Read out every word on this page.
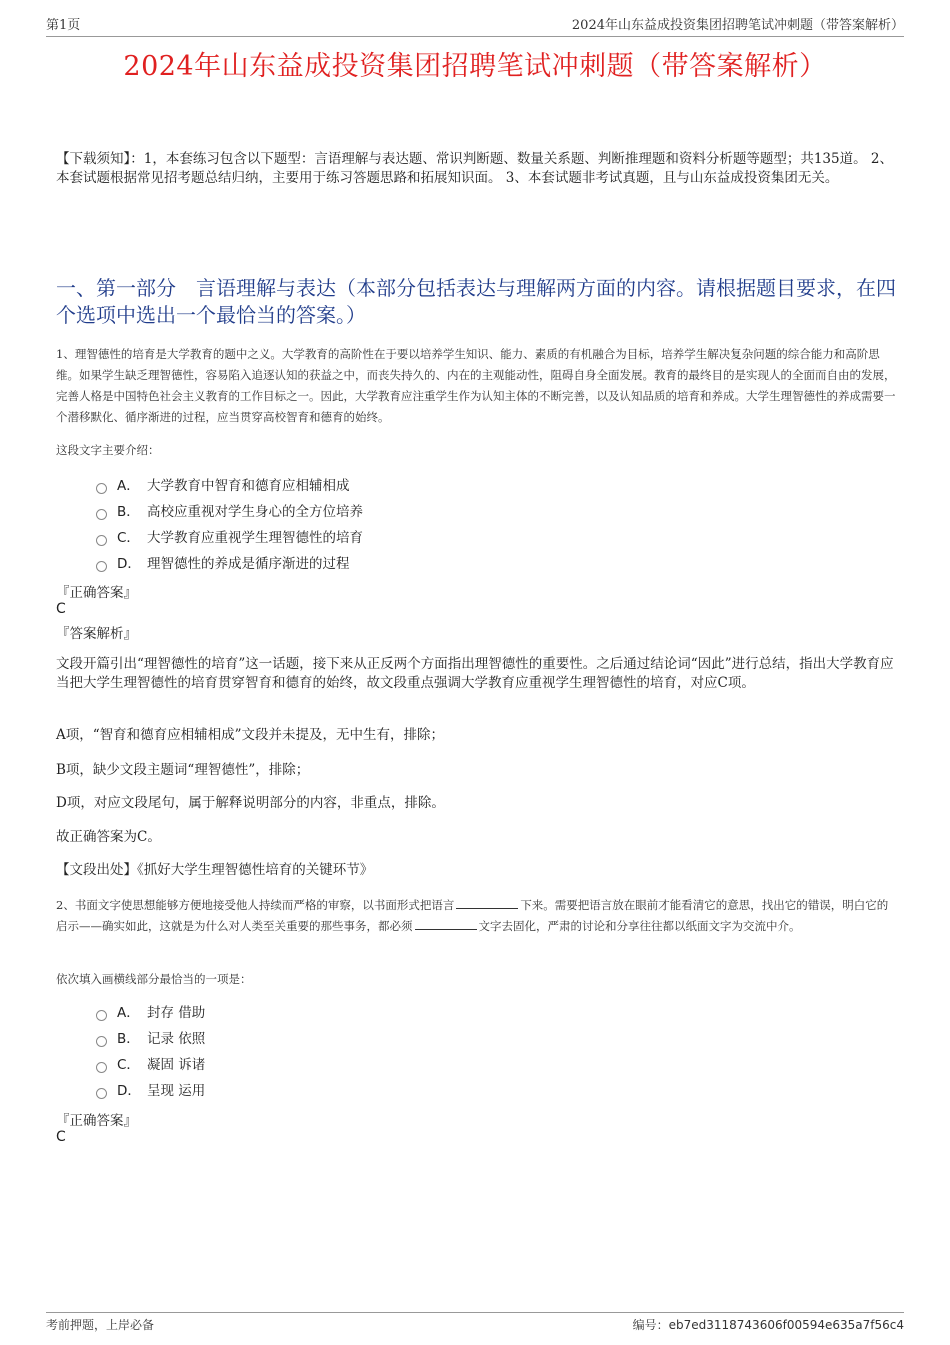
第1页	2024年山东益成投资集团招聘笔试冲刺题（带答案解析）
2024年山东益成投资集团招聘笔试冲刺题（带答案解析）
【下载须知】：1，本套练习包含以下题型：言语理解与表达题、常识判断题、数量关系题、判断推理题和资料分析题等题型；共135道。 2、本套试题根据常见招考题总结归纳，主要用于练习答题思路和拓展知识面。 3、本套试题非考试真题，且与山东益成投资集团无关。
一、第一部分　言语理解与表达（本部分包括表达与理解两方面的内容。请根据题目要求，在四个选项中选出一个最恰当的答案。）
1、理智德性的培育是大学教育的题中之义。大学教育的高阶性在于要以培养学生知识、能力、素质的有机融合为目标，培养学生解决复杂问题的综合能力和高阶思维。如果学生缺乏理智德性，容易陷入追逐认知的获益之中，而丧失持久的、内在的主观能动性，阻碍自身全面发展。教育的最终目的是实现人的全面而自由的发展，完善人格是中国特色社会主义教育的工作目标之一。因此，大学教育应注重学生作为认知主体的不断完善，以及认知品质的培育和养成。大学生理智德性的养成需要一个潜移默化、循序渐进的过程，应当贯穿高校智育和德育的始终。
这段文字主要介绍：
A． 大学教育中智育和德育应相辅相成
B． 高校应重视对学生身心的全方位培养
C． 大学教育应重视学生理智德性的培育
D． 理智德性的养成是循序渐进的过程
『正确答案』
C
『答案解析』
文段开篇引出“理智德性的培育”这一话题，接下来从正反两个方面指出理智德性的重要性。之后通过结论词“因此”进行总结，指出大学教育应当把大学生理智德性的培育贯穿智育和德育的始终，故文段重点强调大学教育应重视学生理智德性的培育，对应C项。
A项，“智育和德育应相辅相成”文段并未提及，无中生有，排除；
B项，缺少文段主题词“理智德性”，排除；
D项，对应文段尾句，属于解释说明部分的内容，非重点，排除。
故正确答案为C。
【文段出处】《抓好大学生理智德性培育的关键环节》
2、书面文字使思想能够方便地接受他人持续而严格的审察，以书面形式把语言	下来。需要把语言放在眼前才能看清它的意思，找出它的错误，明白它的启示——确实如此，这就是为什么对人类至关重要的那些事务，都必须	文字去固化，严肃的讨论和分享往往都以纸面文字为交流中介。
依次填入画横线部分最恰当的一项是：
A． 封存 借助
B． 记录 依照
C． 凝固 诉诸
D． 呈现 运用
『正确答案』
C
考前押题，上岸必备	编号：eb7ed3118743606f00594e635a7f56c4
